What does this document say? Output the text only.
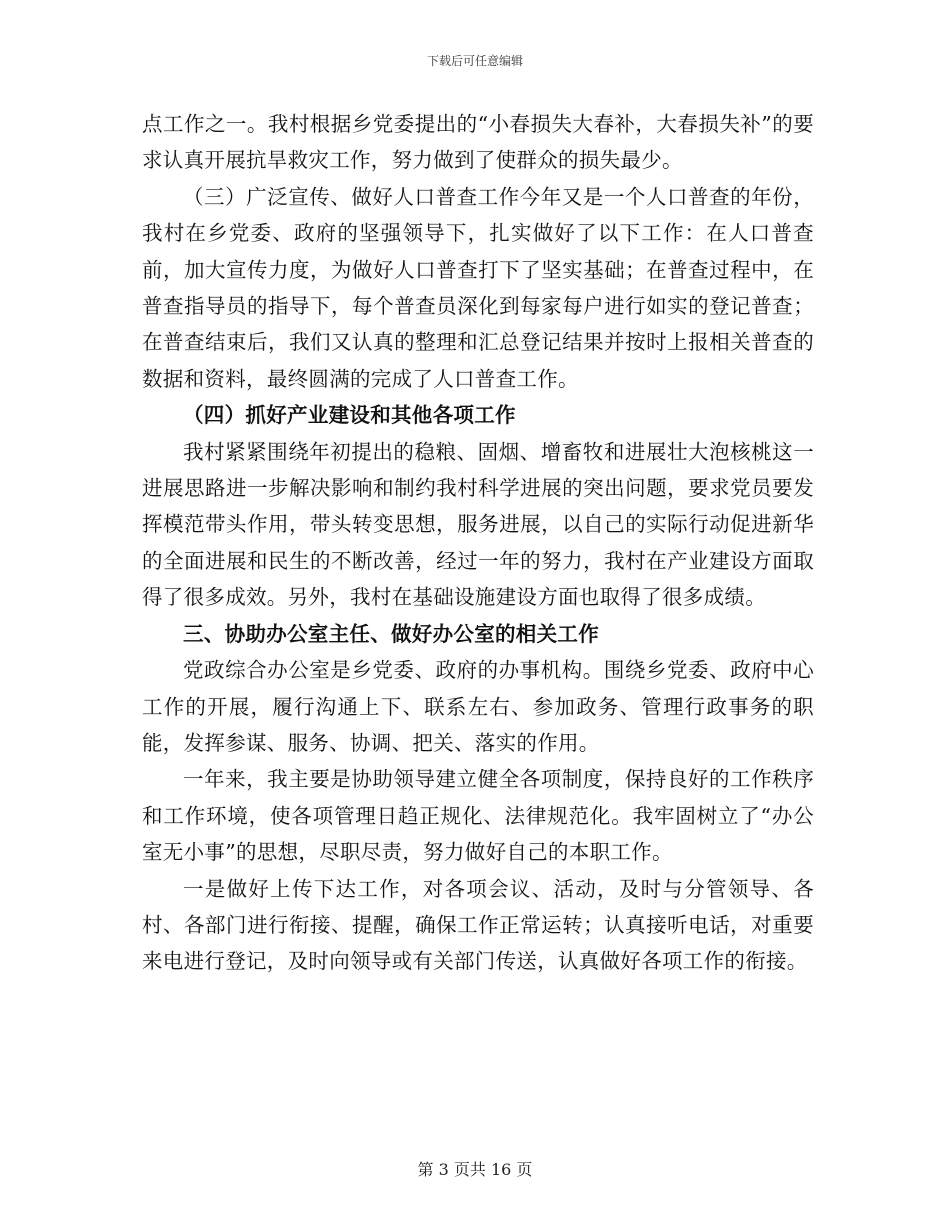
下载后可任意编辑

点工作之一。我村根据乡党委提出的“小春损失大春补，大春损失补”的要求认真开展抗旱救灾工作，努力做到了使群众的损失最少。

（三）广泛宣传、做好人口普查工作今年又是一个人口普查的年份，我村在乡党委、政府的坚强领导下，扎实做好了以下工作：在人口普查前，加大宣传力度，为做好人口普查打下了坚实基础；在普查过程中，在普查指导员的指导下，每个普查员深化到每家每户进行如实的登记普查；在普查结束后，我们又认真的整理和汇总登记结果并按时上报相关普查的数据和资料，最终圆满的完成了人口普查工作。

（四）抓好产业建设和其他各项工作

我村紧紧围绕年初提出的稳粮、固烟、增畜牧和进展壮大泡核桃这一进展思路进一步解决影响和制约我村科学进展的突出问题，要求党员要发挥模范带头作用，带头转变思想，服务进展，以自己的实际行动促进新华的全面进展和民生的不断改善，经过一年的努力，我村在产业建设方面取得了很多成效。另外，我村在基础设施建设方面也取得了很多成绩。

三、协助办公室主任、做好办公室的相关工作

党政综合办公室是乡党委、政府的办事机构。围绕乡党委、政府中心工作的开展，履行沟通上下、联系左右、参加政务、管理行政事务的职能，发挥参谋、服务、协调、把关、落实的作用。

一年来，我主要是协助领导建立健全各项制度，保持良好的工作秩序和工作环境，使各项管理日趋正规化、法律规范化。我牢固树立了“办公室无小事”的思想，尽职尽责，努力做好自己的本职工作。

一是做好上传下达工作，对各项会议、活动，及时与分管领导、各村、各部门进行衔接、提醒，确保工作正常运转；认真接听电话，对重要来电进行登记，及时向领导或有关部门传送，认真做好各项工作的衔接。

第 3 页共 16 页
